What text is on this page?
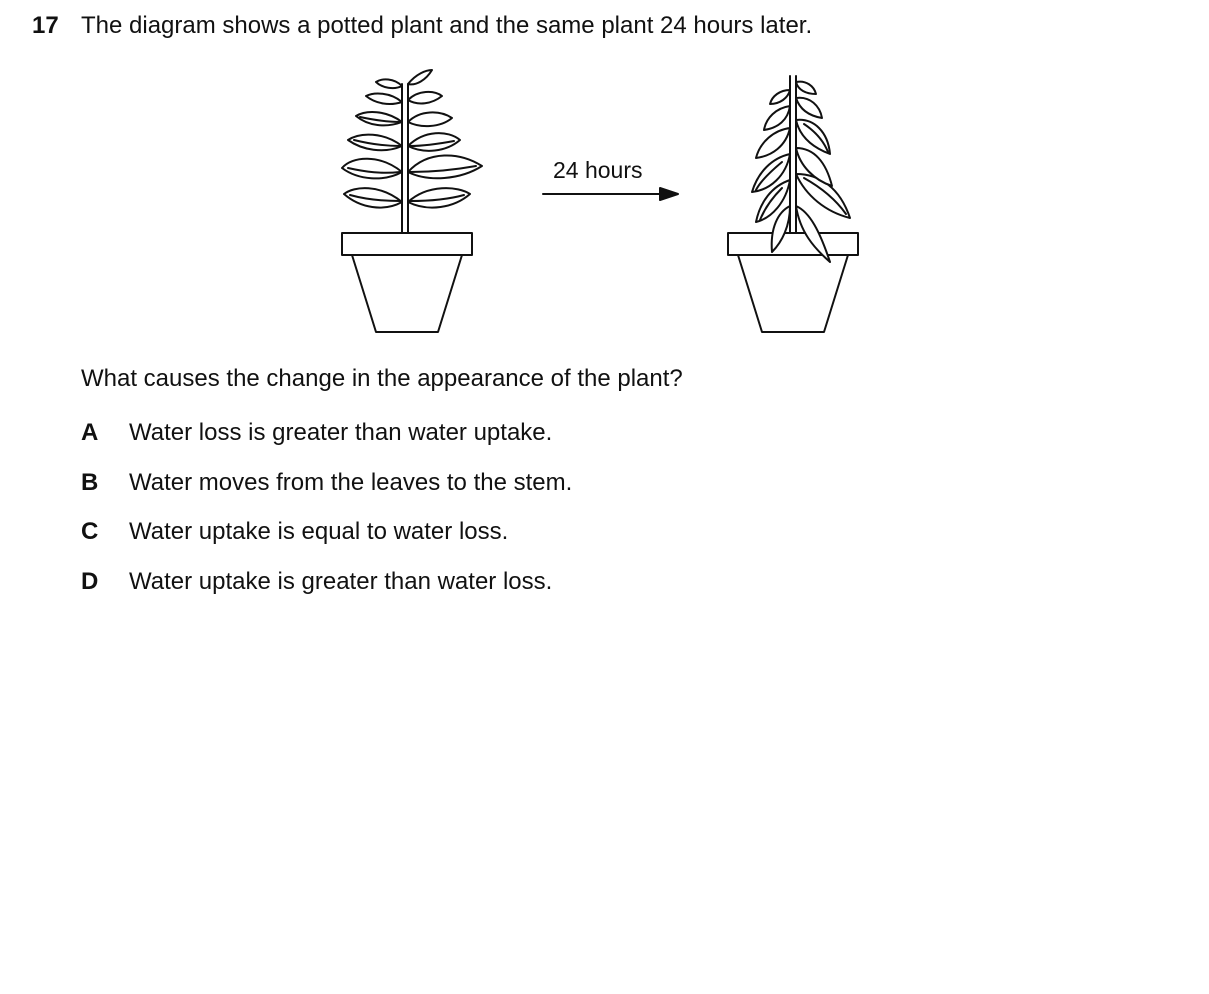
17 The diagram shows a potted plant and the same plant 24 hours later.
24 hours
What causes the change in the appearance of the plant?
A Water loss is greater than water uptake.
B Water moves from the leaves to the stem.
C Water uptake is equal to water loss.
D Water uptake is greater than water loss.
